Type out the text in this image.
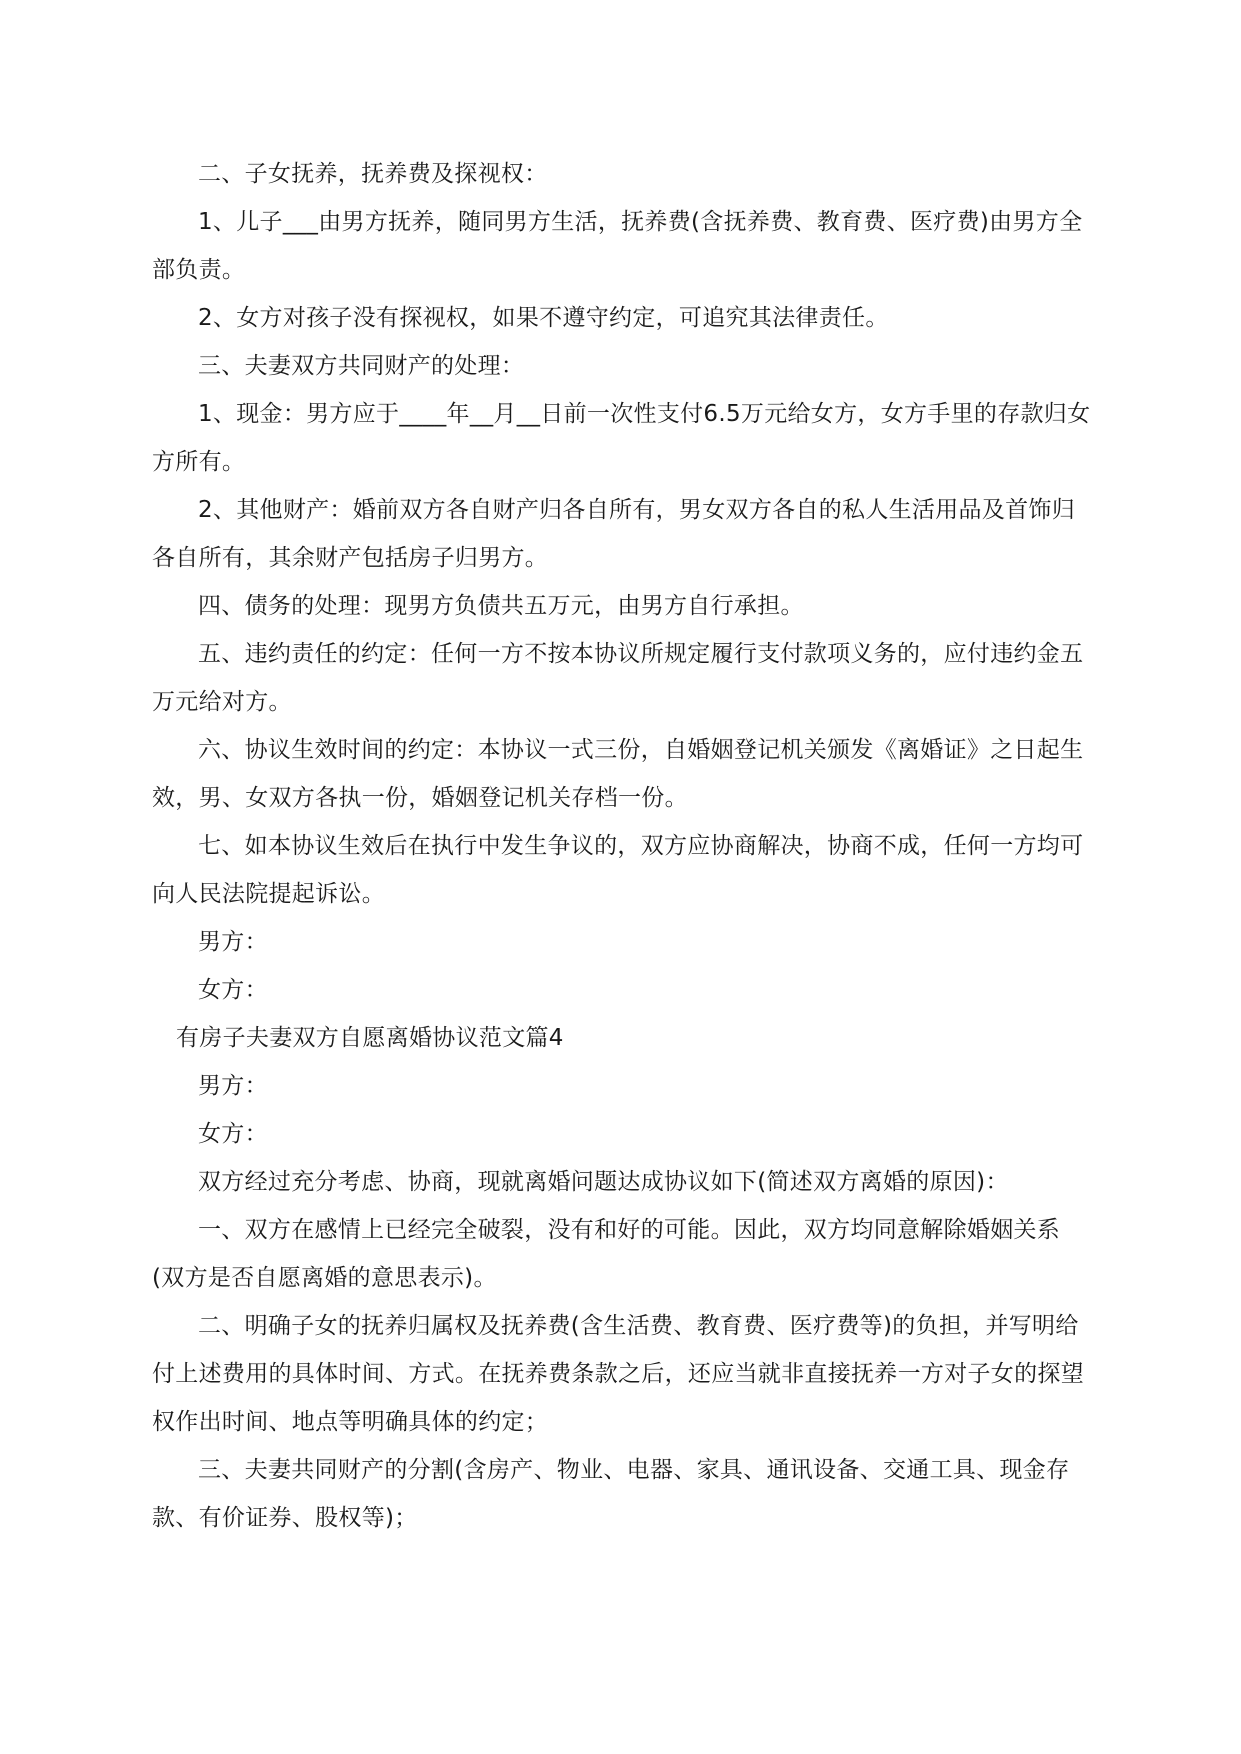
二、子女抚养，抚养费及探视权：

1、儿子___由男方抚养，随同男方生活，抚养费(含抚养费、教育费、医疗费)由男方全部负责。

2、女方对孩子没有探视权，如果不遵守约定，可追究其法律责任。

三、夫妻双方共同财产的处理：

1、现金：男方应于____年__月__日前一次性支付6.5万元给女方，女方手里的存款归女方所有。

2、其他财产：婚前双方各自财产归各自所有，男女双方各自的私人生活用品及首饰归各自所有，其余财产包括房子归男方。

四、债务的处理：现男方负债共五万元，由男方自行承担。

五、违约责任的约定：任何一方不按本协议所规定履行支付款项义务的，应付违约金五万元给对方。

六、协议生效时间的约定：本协议一式三份，自婚姻登记机关颁发《离婚证》之日起生效，男、女双方各执一份，婚姻登记机关存档一份。

七、如本协议生效后在执行中发生争议的，双方应协商解决，协商不成，任何一方均可向人民法院提起诉讼。

男方：

女方：

有房子夫妻双方自愿离婚协议范文篇4

男方：

女方：

双方经过充分考虑、协商，现就离婚问题达成协议如下(简述双方离婚的原因)：

一、双方在感情上已经完全破裂，没有和好的可能。因此，双方均同意解除婚姻关系(双方是否自愿离婚的意思表示)。

二、明确子女的抚养归属权及抚养费(含生活费、教育费、医疗费等)的负担，并写明给付上述费用的具体时间、方式。在抚养费条款之后，还应当就非直接抚养一方对子女的探望权作出时间、地点等明确具体的约定；

三、夫妻共同财产的分割(含房产、物业、电器、家具、通讯设备、交通工具、现金存款、有价证券、股权等)；
